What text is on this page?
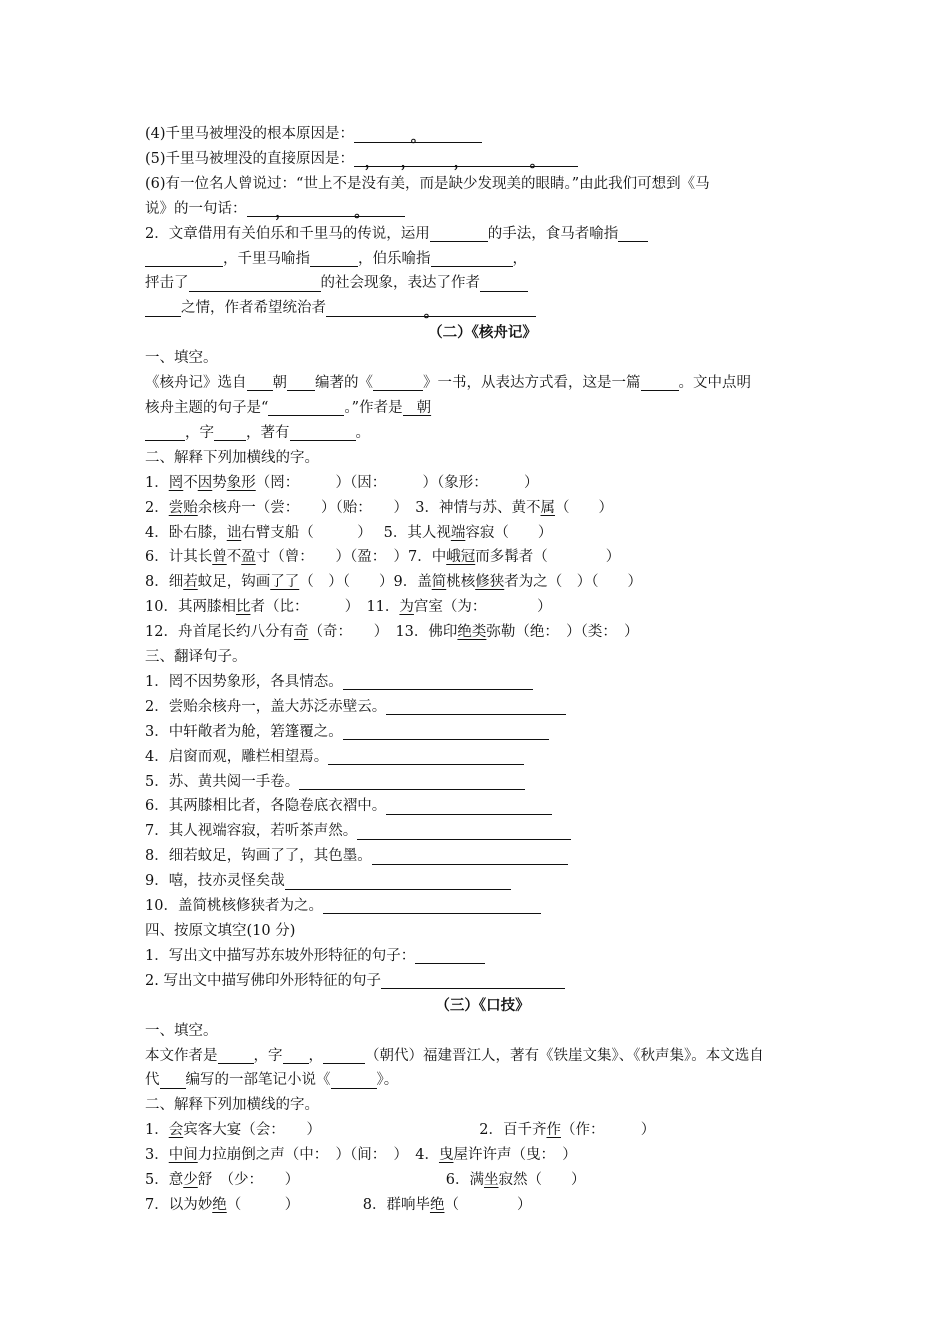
(4)千里马被埋没的根本原因是：	。
(5)千里马被埋没的直接原因是： ， ，	，	。
(6)有一位名人曾说过：“世上不是没有美，而是缺少发现美的眼睛。”由此我们可想到《马
说》的一句话： ，	。
2．文章借用有关伯乐和千里马的传说，运用	的手法，食马者喻指
，千里马喻指	，伯乐喻指	，
抨击了	的社会现象，表达了作者
之情，作者希望统治者	。
（二）《核舟记》
一、填空。
《核舟记》选自 朝 编著的《	》一书，从表达方式看，这是一篇	。文中点明
核舟主题的句子是“	。”作者是 朝
，字 ，著有	。
二、解释下列加横线的字。
1．罔不因势象形（罔：　　　）（因：　　　）（象形：　　　）
2．尝贻余核舟一（尝：　　）（贻：　　）　3．神情与苏、黄不属（　　）
4．卧右膝，诎右臂支船（　　　）　 5．其人视端容寂（　　）
6．计其长曾不盈寸（曾：　　）（盈：　）7．中峨冠而多髯者（　　　　）
8．细若蚊足，钩画了了（　）（　　）9．盖简桃核修狭者为之（　）（　　）
10．其两膝相比者（比：　　　）　11．为宫室（为：　　　　）
12．舟首尾长约八分有奇（奇：　　）　13．佛印绝类弥勒（绝：　）（类：　）
三、翻译句子。
1．罔不因势象形，各具情态。
2．尝贻余核舟一，盖大苏泛赤壁云。
3．中轩敞者为舱，箬篷覆之。
4．启窗而观，雕栏相望焉。
5．苏、黄共阅一手卷。
6．其两膝相比者，各隐卷底衣褶中。
7．其人视端容寂，若听茶声然。
8．细若蚊足，钩画了了，其色墨。
9．嘻，技亦灵怪矣哉
10．盖简桃核修狭者为之。
四、按原文填空(10 分)
1．写出文中描写苏东坡外形特征的句子：
2. 写出文中描写佛印外形特征的句子
（三）《口技》
一、填空。
本文作者是 ，字 ，	（朝代）福建晋江人，著有《铁崖文集》、《秋声集》。本文选自
代 编写的一部笔记小说《	》。
二、解释下列加横线的字。
1．会宾客大宴（会：　　）	2．百千齐作（作：　　　）
3．中间力拉崩倒之声（中：　）（间：　）　4．曳屋许许声（曳：　）
5．意少舒　（少：　　）	6．满坐寂然（　　）
7．以为妙绝（　　　）	8．群响毕绝（　　　　）
